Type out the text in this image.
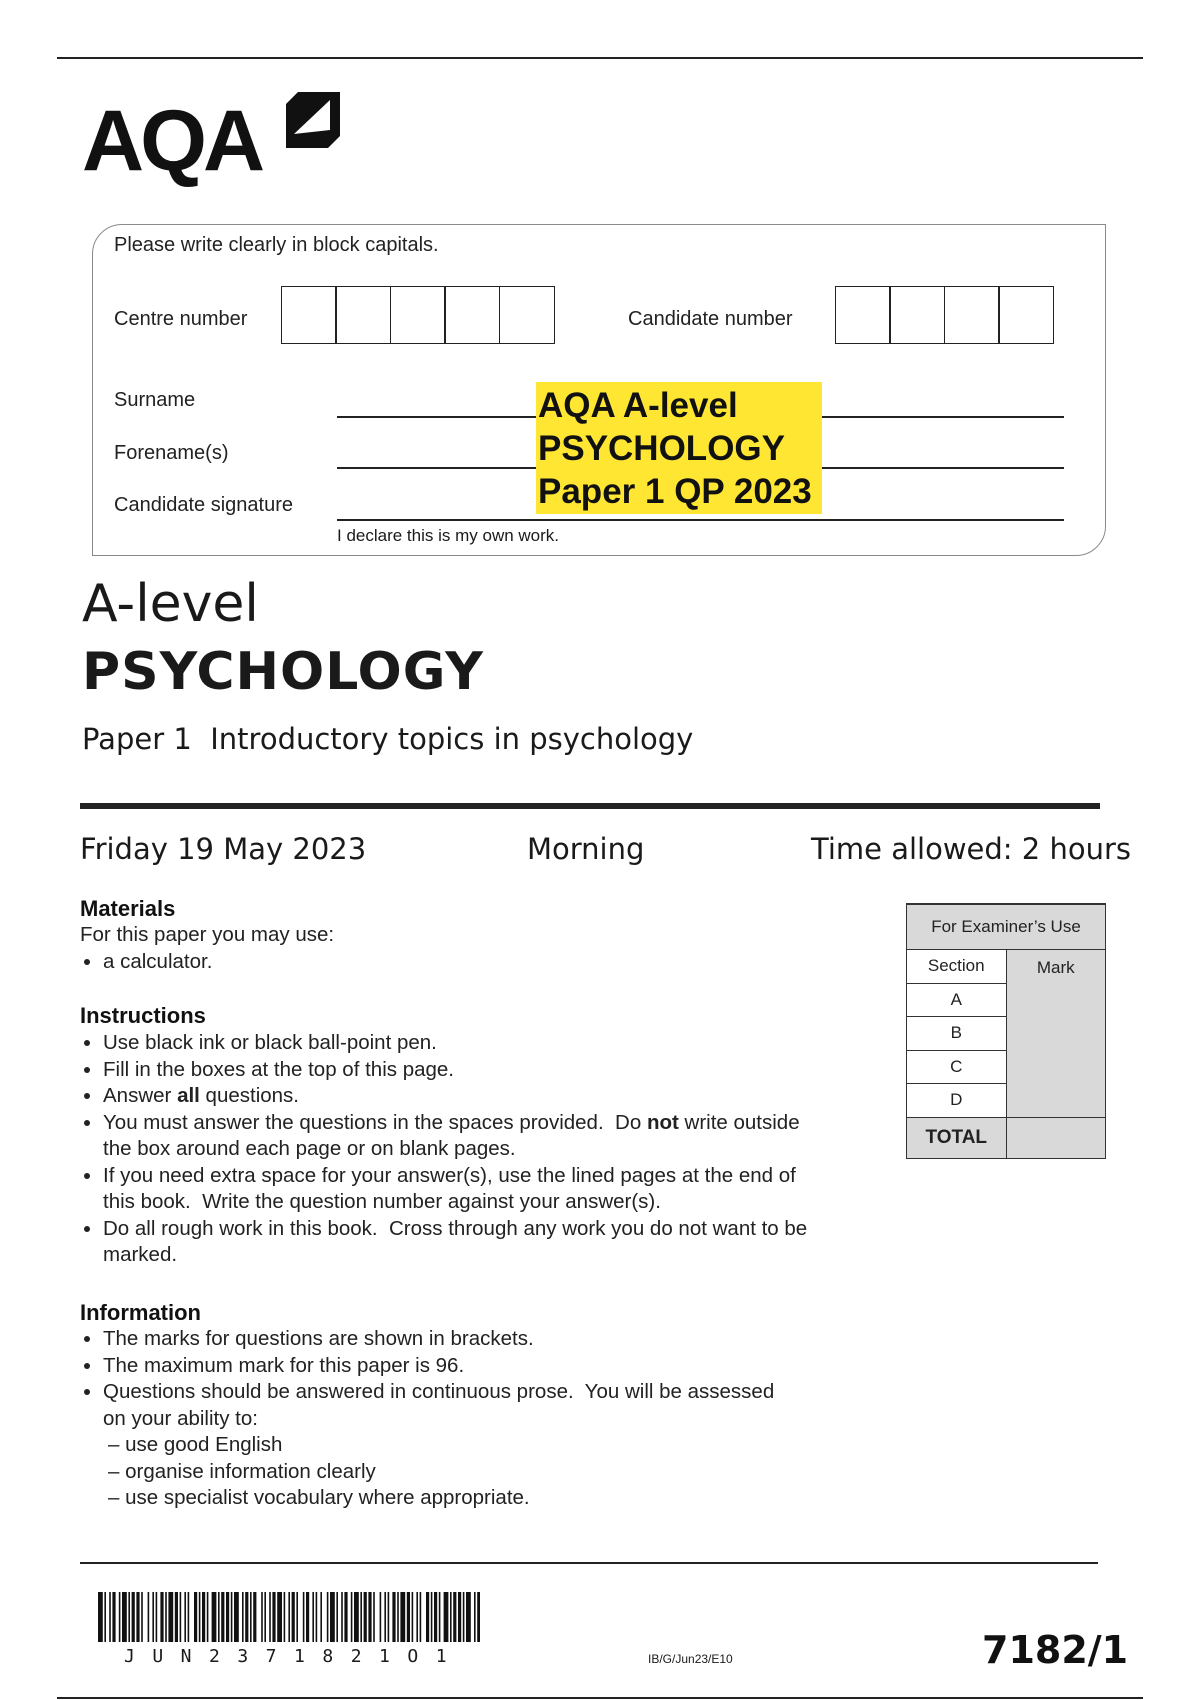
AQA
Please write clearly in block capitals.
Centre number	Candidate number
Surname
Forename(s)
Candidate signature
I declare this is my own work.
AQA A-level
PSYCHOLOGY
Paper 1 QP 2023
A-level
PSYCHOLOGY
Paper 1  Introductory topics in psychology
Friday 19 May 2023	Morning	Time allowed: 2 hours
Materials
For this paper you may use:
• a calculator.
Instructions
• Use black ink or black ball-point pen.
• Fill in the boxes at the top of this page.
• Answer all questions.
• You must answer the questions in the spaces provided.  Do not write outside the box around each page or on blank pages.
• If you need extra space for your answer(s), use the lined pages at the end of this book.  Write the question number against your answer(s).
• Do all rough work in this book.  Cross through any work you do not want to be marked.
Information
• The marks for questions are shown in brackets.
• The maximum mark for this paper is 96.
• Questions should be answered in continuous prose.  You will be assessed on your ability to:
– use good English
– organise information clearly
– use specialist vocabulary where appropriate.
For Examiner’s Use	
Section	Mark
A	
B	
C	
D	
TOTAL	
JUN2371821O1	IB/G/Jun23/E10	7182/1
